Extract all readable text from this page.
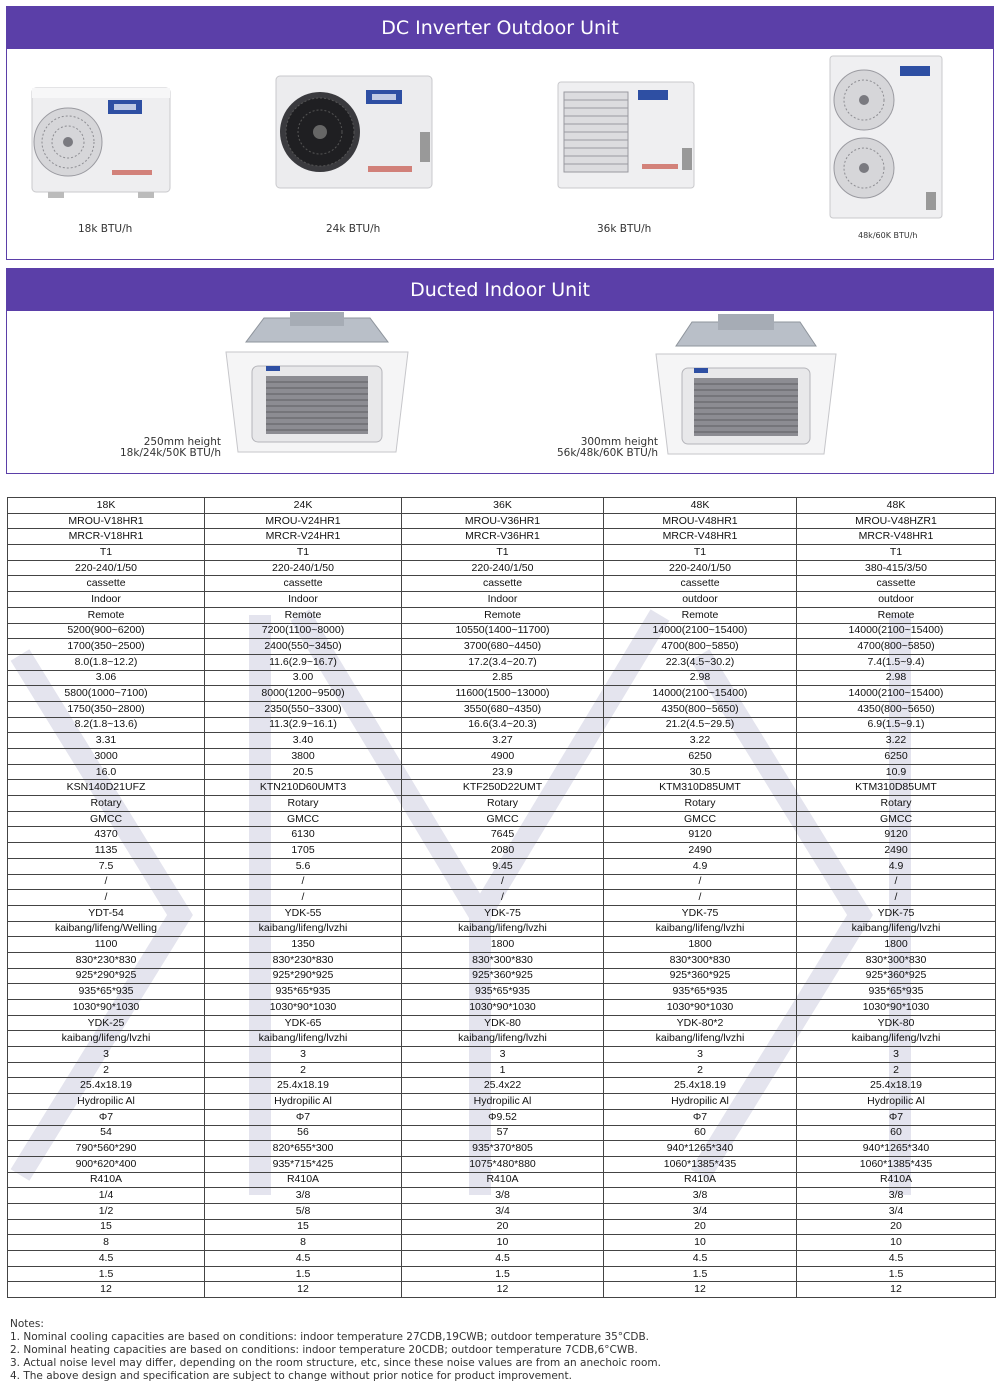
DC Inverter Outdoor Unit
18k BTU/h	24k BTU/h	36k BTU/h
48k/60K BTU/h
Ducted Indoor Unit
250mm height
18k/24k/50K BTU/h
300mm height
56k/48k/60K BTU/h
18K	24K	36K	48K	48K
MROU-V18HR1	MROU-V24HR1	MROU-V36HR1	MROU-V48HR1	MROU-V48HZR1
MRCR-V18HR1	MRCR-V24HR1	MRCR-V36HR1	MRCR-V48HR1	MRCR-V48HR1
T1	T1	T1	T1	T1
220-240/1/50	220-240/1/50	220-240/1/50	220-240/1/50	380-415/3/50
cassette	cassette	cassette	cassette	cassette
Indoor	Indoor	Indoor	outdoor	outdoor
Remote	Remote	Remote	Remote	Remote
5200(900~6200)	7200(1100~8000)	10550(1400~11700)	14000(2100~15400)	14000(2100~15400)
1700(350~2500)	2400(550~3450)	3700(680~4450)	4700(800~5850)	4700(800~5850)
8.0(1.8~12.2)	11.6(2.9~16.7)	17.2(3.4~20.7)	22.3(4.5~30.2)	7.4(1.5~9.4)
3.06	3.00	2.85	2.98	2.98
5800(1000~7100)	8000(1200~9500)	11600(1500~13000)	14000(2100~15400)	14000(2100~15400)
1750(350~2800)	2350(550~3300)	3550(680~4350)	4350(800~5650)	4350(800~5650)
8.2(1.8~13.6)	11.3(2.9~16.1)	16.6(3.4~20.3)	21.2(4.5~29.5)	6.9(1.5~9.1)
3.31	3.40	3.27	3.22	3.22
3000	3800	4900	6250	6250
16.0	20.5	23.9	30.5	10.9
KSN140D21UFZ	KTN210D60UMT3	KTF250D22UMT	KTM310D85UMT	KTM310D85UMT
Rotary	Rotary	Rotary	Rotary	Rotary
GMCC	GMCC	GMCC	GMCC	GMCC
4370	6130	7645	9120	9120
1135	1705	2080	2490	2490
7.5	5.6	9.45	4.9	4.9
/	/	/	/	/
/	/	/	/	/
YDT-54	YDK-55	YDK-75	YDK-75	YDK-75
kaibang/lifeng/Welling	kaibang/lifeng/lvzhi	kaibang/lifeng/lvzhi	kaibang/lifeng/lvzhi	kaibang/lifeng/lvzhi
1100	1350	1800	1800	1800
830*230*830	830*230*830	830*300*830	830*300*830	830*300*830
925*290*925	925*290*925	925*360*925	925*360*925	925*360*925
935*65*935	935*65*935	935*65*935	935*65*935	935*65*935
1030*90*1030	1030*90*1030	1030*90*1030	1030*90*1030	1030*90*1030
YDK-25	YDK-65	YDK-80	YDK-80*2	YDK-80
kaibang/lifeng/lvzhi	kaibang/lifeng/lvzhi	kaibang/lifeng/lvzhi	kaibang/lifeng/lvzhi	kaibang/lifeng/lvzhi
3	3	3	3	3
2	2	1	2	2
25.4x18.19	25.4x18.19	25.4x22	25.4x18.19	25.4x18.19
Hydropilic Al	Hydropilic Al	Hydropilic Al	Hydropilic Al	Hydropilic Al
Φ7	Φ7	Φ9.52	Φ7	Φ7
54	56	57	60	60
790*560*290	820*655*300	935*370*805	940*1265*340	940*1265*340
900*620*400	935*715*425	1075*480*880	1060*1385*435	1060*1385*435
R410A	R410A	R410A	R410A	R410A
1/4	3/8	3/8	3/8	3/8
1/2	5/8	3/4	3/4	3/4
15	15	20	20	20
8	8	10	10	10
4.5	4.5	4.5	4.5	4.5
1.5	1.5	1.5	1.5	1.5
12	12	12	12	12
Notes:
1. Nominal cooling capacities are based on conditions: indoor temperature 27CDB,19CWB; outdoor temperature 35°CDB.
2. Nominal heating capacities are based on conditions: indoor temperature 20CDB; outdoor temperature 7CDB,6°CWB.
3. Actual noise level may differ, depending on the room structure, etc, since these noise values are from an anechoic room.
4. The above design and specification are subject to change without prior notice for product improvement.
